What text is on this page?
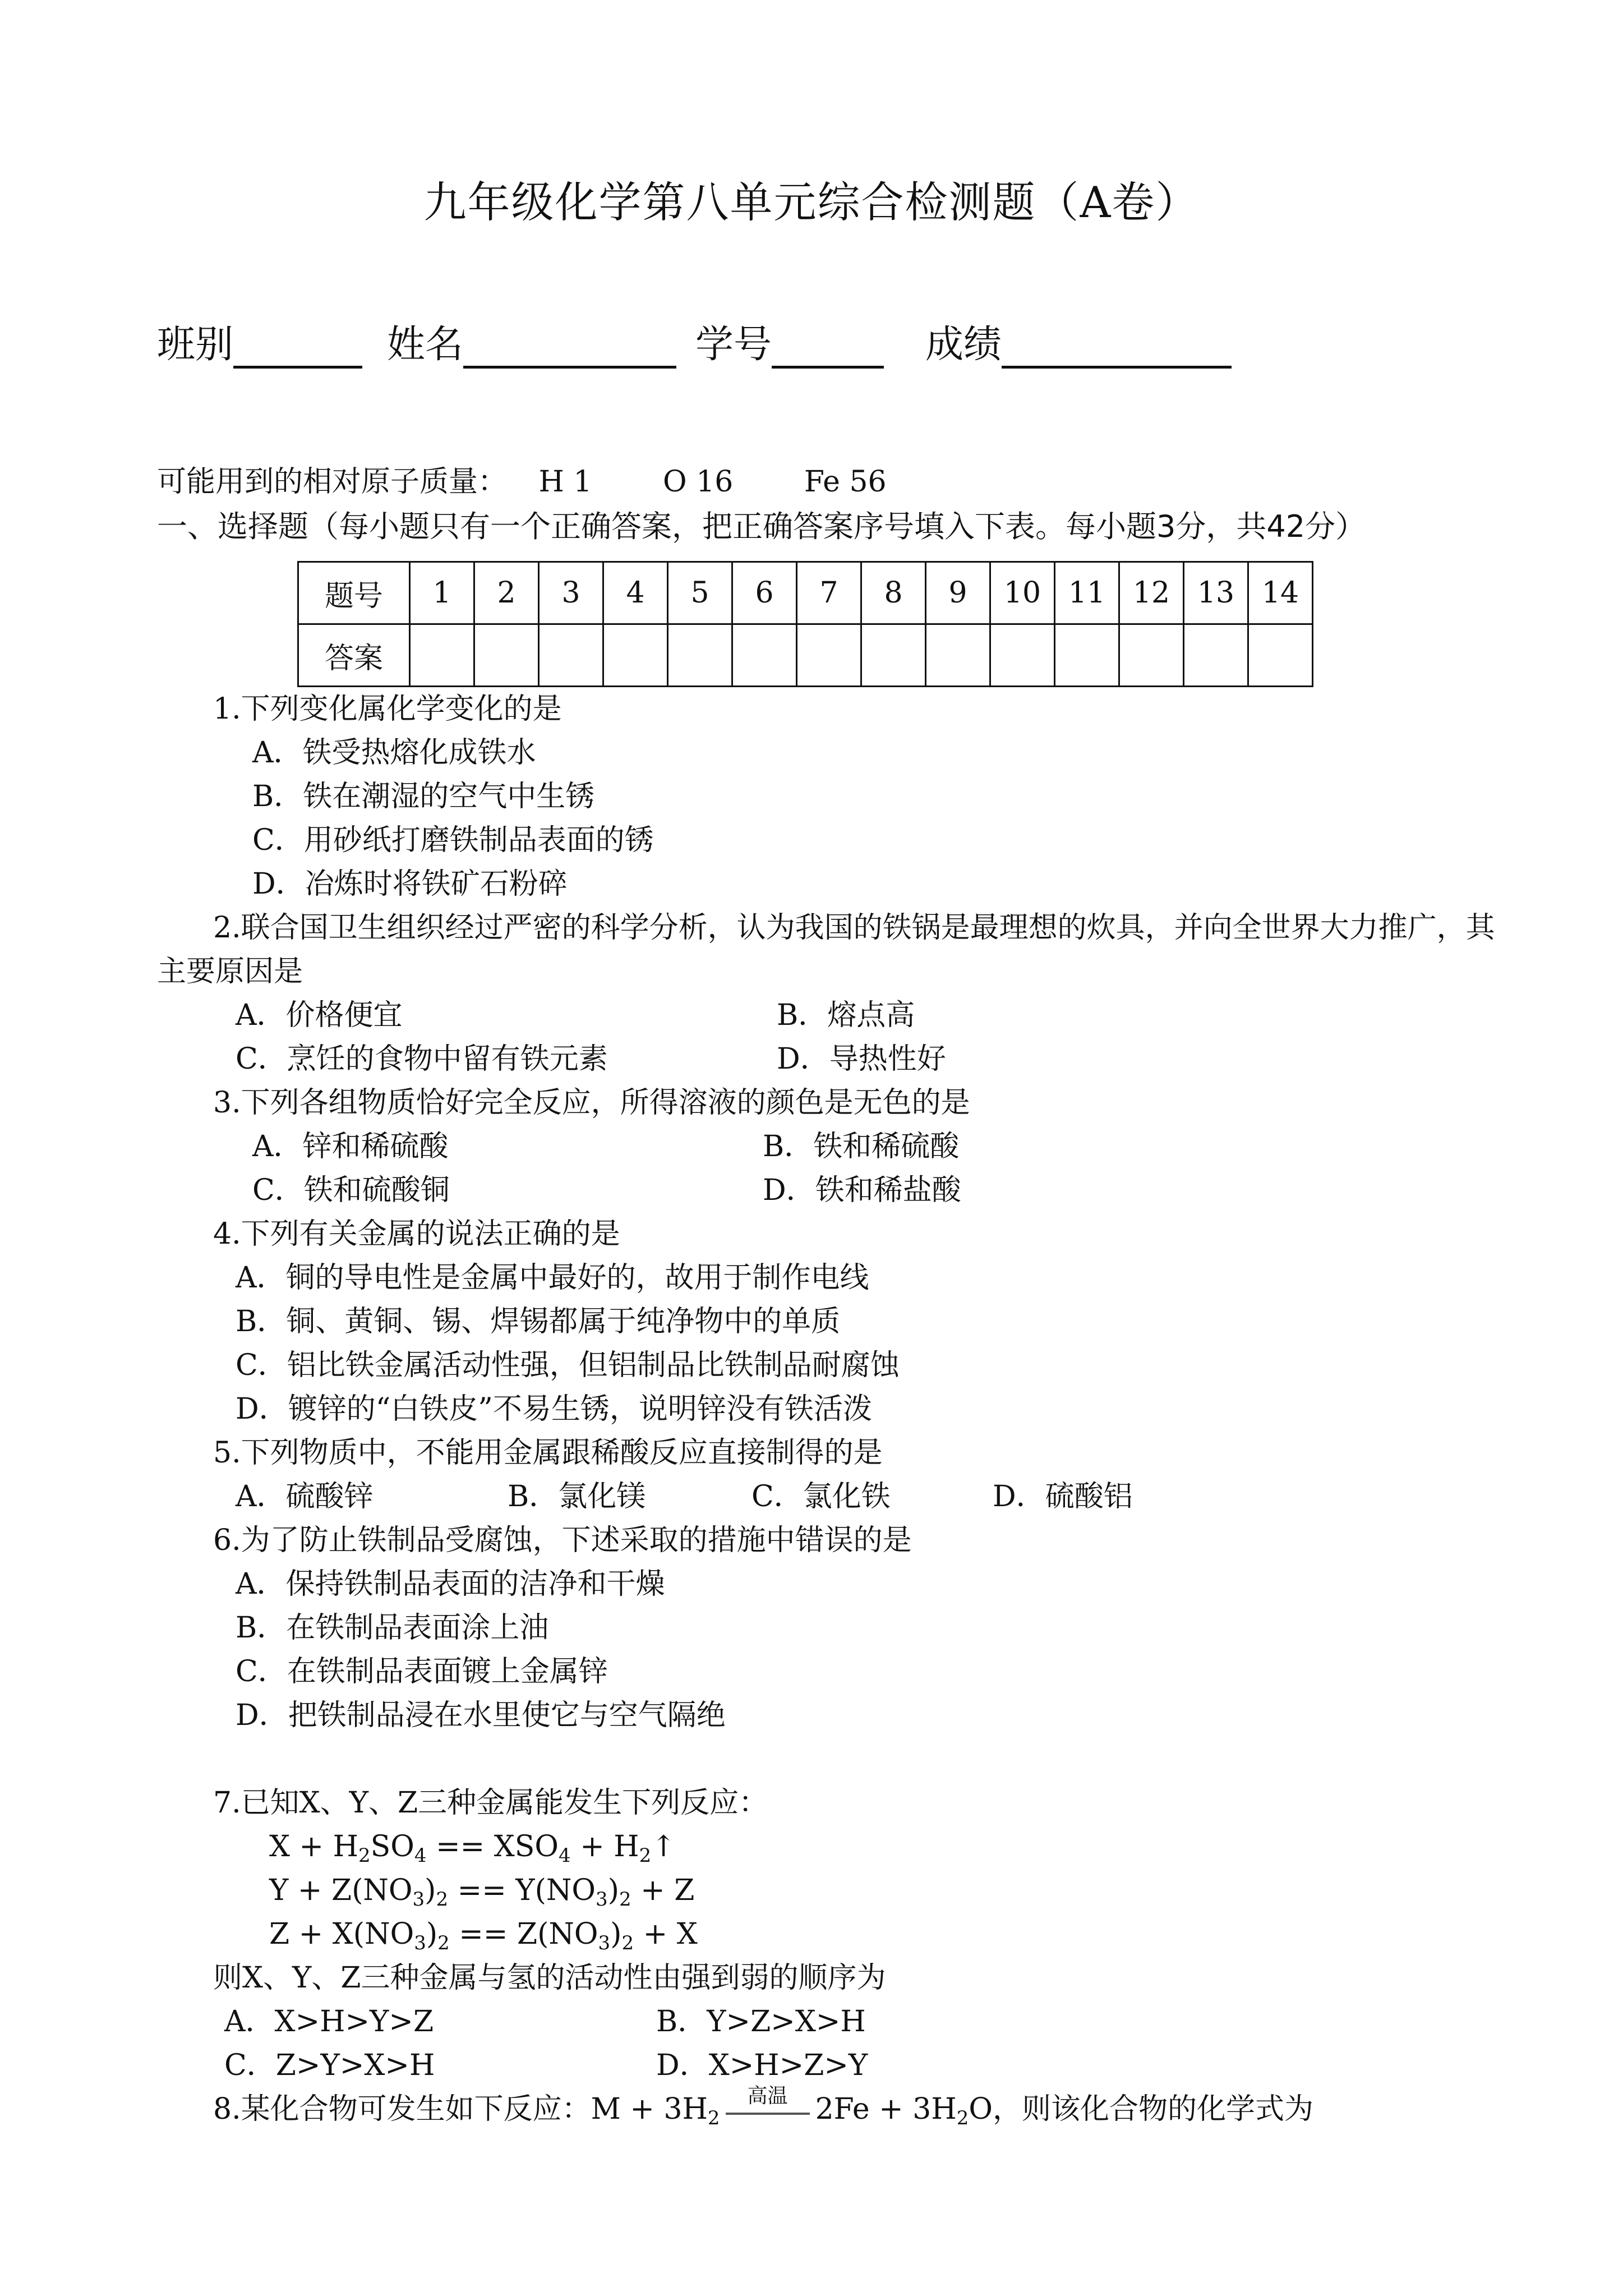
九年级化学第八单元综合检测题（A卷）
班别	姓名	学号	成绩
可能用到的相对原子质量： H 1 O 16 Fe 56
一、选择题（每小题只有一个正确答案，把正确答案序号填入下表。每小题3分，共42分）
题号	1	2	3	4	5	6	7	8	9	10	11	12	13	14
答案														
1.下列变化属化学变化的是
A．铁受热熔化成铁水
B．铁在潮湿的空气中生锈
C．用砂纸打磨铁制品表面的锈
D．冶炼时将铁矿石粉碎
2.联合国卫生组织经过严密的科学分析，认为我国的铁锅是最理想的炊具，并向全世界大力推广，其
主要原因是
A．价格便宜	B．熔点高
C．烹饪的食物中留有铁元素	D．导热性好
3.下列各组物质恰好完全反应，所得溶液的颜色是无色的是
A．锌和稀硫酸	B．铁和稀硫酸
C．铁和硫酸铜	D．铁和稀盐酸
4.下列有关金属的说法正确的是
A．铜的导电性是金属中最好的，故用于制作电线
B．铜、黄铜、锡、焊锡都属于纯净物中的单质
C．铝比铁金属活动性强，但铝制品比铁制品耐腐蚀
D．镀锌的“白铁皮”不易生锈，说明锌没有铁活泼
5.下列物质中，不能用金属跟稀酸反应直接制得的是
A．硫酸锌	B．氯化镁	C．氯化铁	D．硫酸铝
6.为了防止铁制品受腐蚀，下述采取的措施中错误的是
A．保持铁制品表面的洁净和干燥
B．在铁制品表面涂上油
C．在铁制品表面镀上金属锌
D．把铁制品浸在水里使它与空气隔绝
7.已知X、Y、Z三种金属能发生下列反应：
$X + H_2SO_4 == XSO_4$ + $H_2↑$
$Y + Z(NO_3)_2 == Y(NO_3)_2 + Z$
$Z + X(NO_3)_2 == Z(NO_3)_2 + X$
则X、Y、Z三种金属与氢的活动性由强到弱的顺序为
A．X>H>Y>Z	B．Y>Z>X>H
C．Z>Y>X>H	D．X>H>Z>Y
8.某化合物可发生如下反应：$M + 3H_2$
高温 $2Fe + 3H_2O$，则该化合物的化学式为
